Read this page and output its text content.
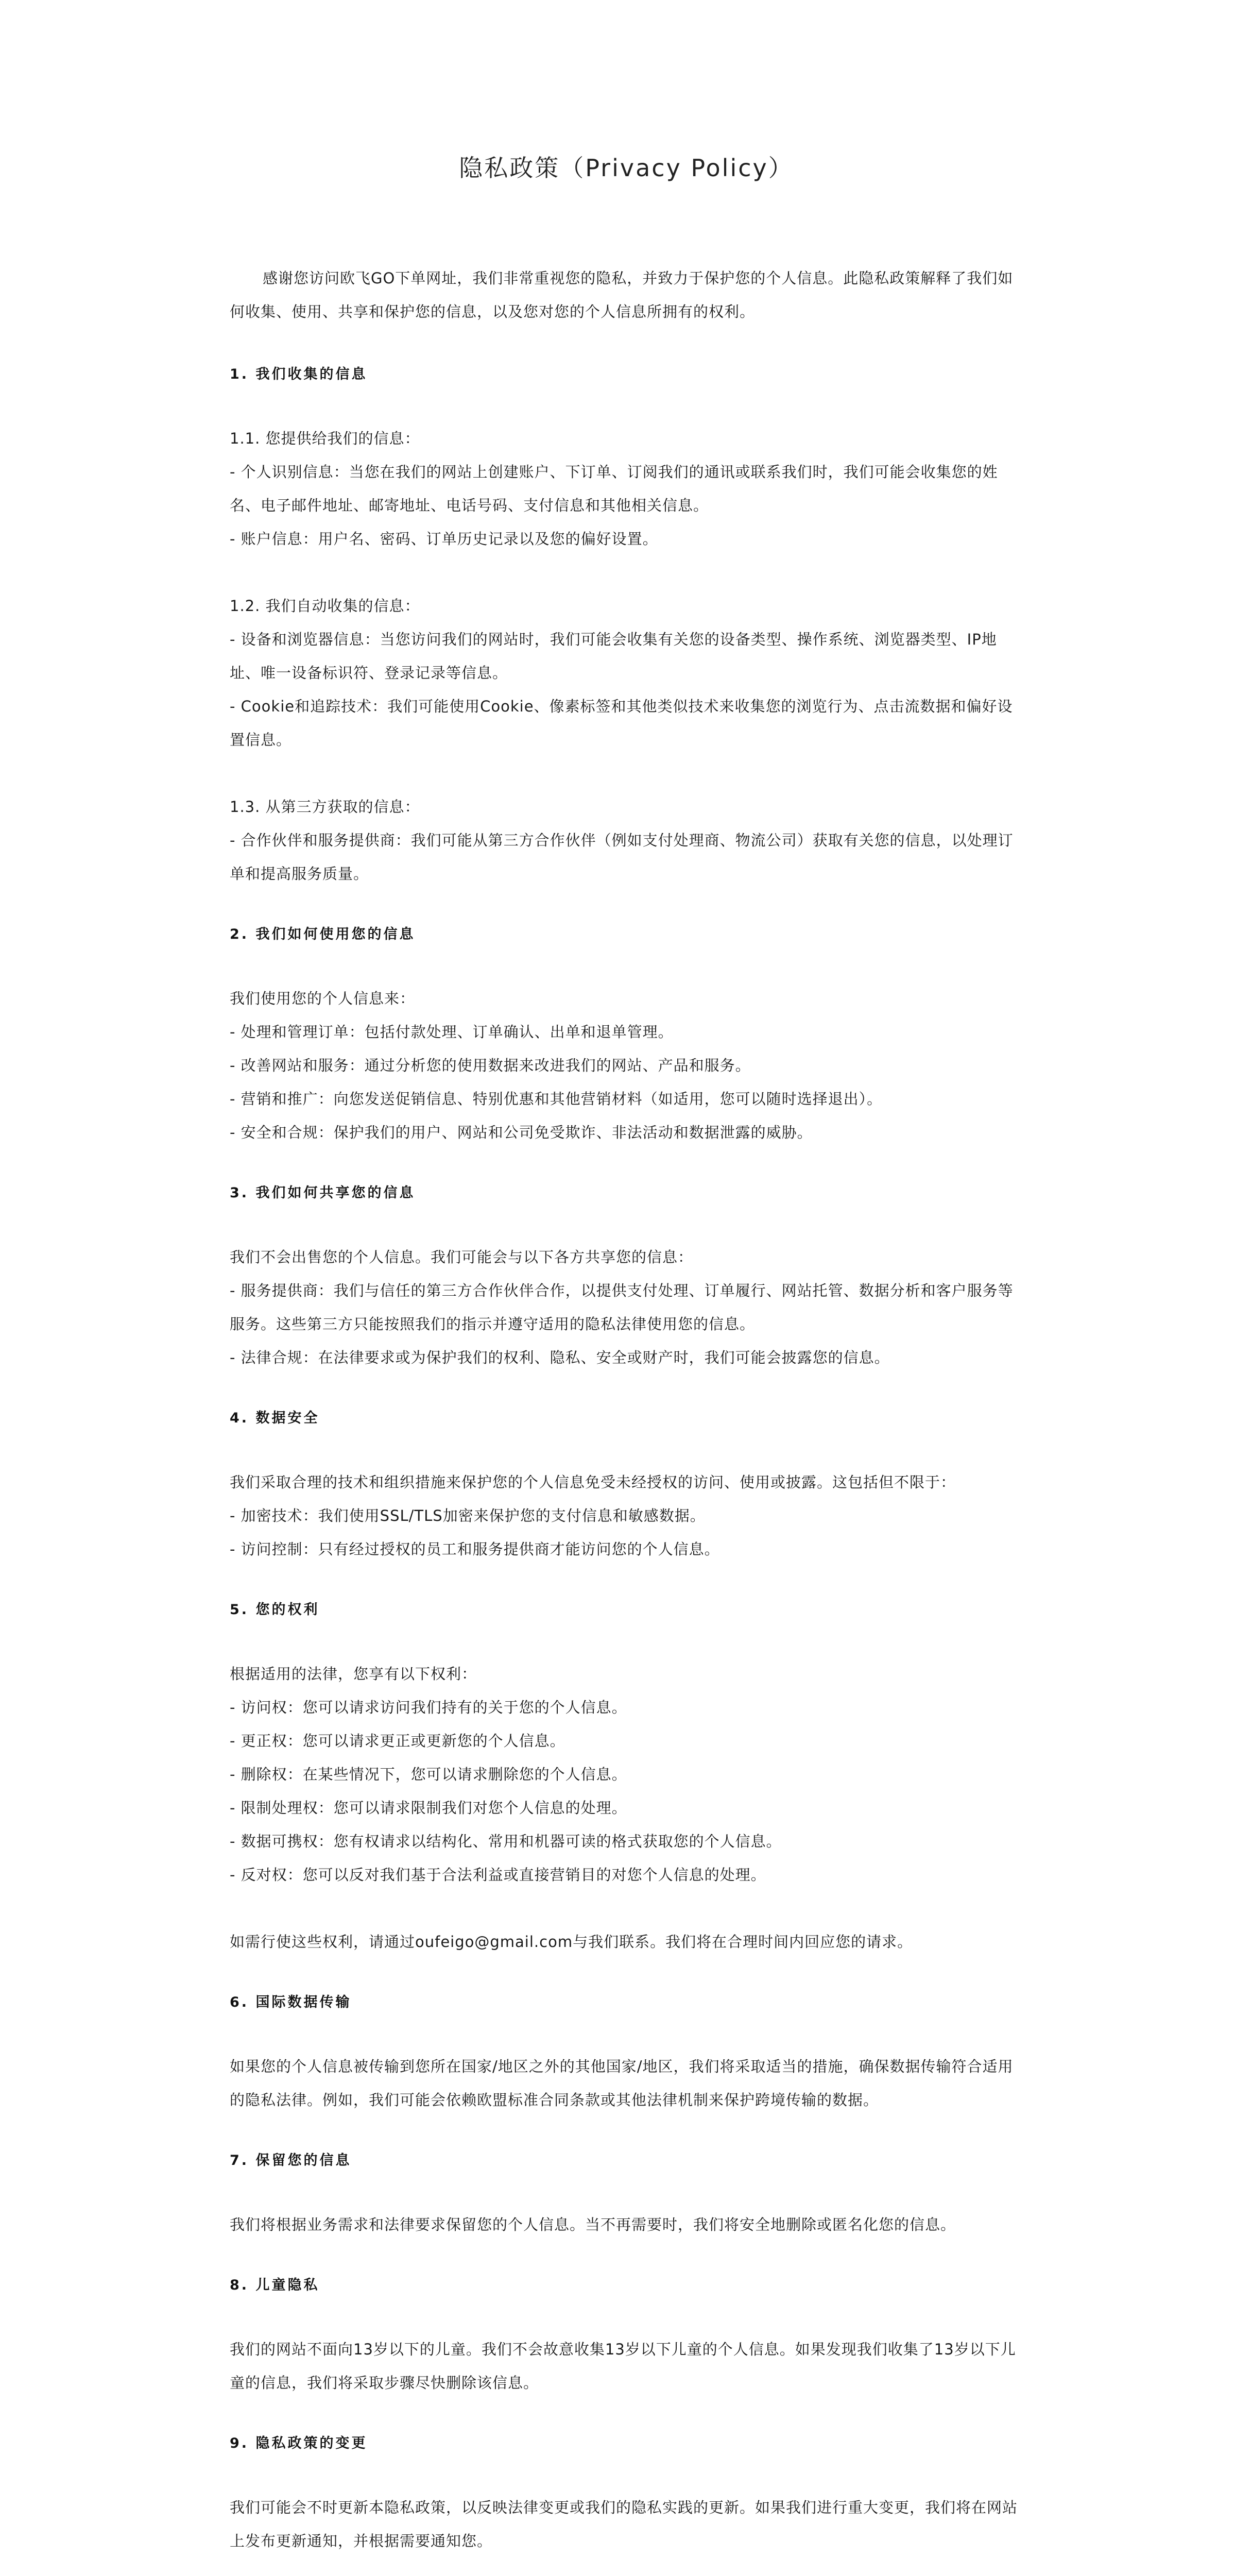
隐私政策（Privacy Policy）

感谢您访问欧飞GO下单网址，我们非常重视您的隐私，并致力于保护您的个人信息。此隐私政策解释了我们如何收集、使用、共享和保护您的信息，以及您对您的个人信息所拥有的权利。

1. 我们收集的信息

1.1. 您提供给我们的信息：

- 个人识别信息：当您在我们的网站上创建账户、下订单、订阅我们的通讯或联系我们时，我们可能会收集您的姓名、电子邮件地址、邮寄地址、电话号码、支付信息和其他相关信息。

- 账户信息：用户名、密码、订单历史记录以及您的偏好设置。

1.2. 我们自动收集的信息：

- 设备和浏览器信息：当您访问我们的网站时，我们可能会收集有关您的设备类型、操作系统、浏览器类型、IP地址、唯一设备标识符、登录记录等信息。

- Cookie和追踪技术：我们可能使用Cookie、像素标签和其他类似技术来收集您的浏览行为、点击流数据和偏好设置信息。

1.3. 从第三方获取的信息：

- 合作伙伴和服务提供商：我们可能从第三方合作伙伴（例如支付处理商、物流公司）获取有关您的信息，以处理订单和提高服务质量。

2. 我们如何使用您的信息

我们使用您的个人信息来：

- 处理和管理订单：包括付款处理、订单确认、出单和退单管理。

- 改善网站和服务：通过分析您的使用数据来改进我们的网站、产品和服务。

- 营销和推广：向您发送促销信息、特别优惠和其他营销材料（如适用，您可以随时选择退出）。

- 安全和合规：保护我们的用户、网站和公司免受欺诈、非法活动和数据泄露的威胁。

3. 我们如何共享您的信息

我们不会出售您的个人信息。我们可能会与以下各方共享您的信息：

- 服务提供商：我们与信任的第三方合作伙伴合作，以提供支付处理、订单履行、网站托管、数据分析和客户服务等服务。这些第三方只能按照我们的指示并遵守适用的隐私法律使用您的信息。

- 法律合规：在法律要求或为保护我们的权利、隐私、安全或财产时，我们可能会披露您的信息。

4. 数据安全

我们采取合理的技术和组织措施来保护您的个人信息免受未经授权的访问、使用或披露。这包括但不限于：

- 加密技术：我们使用SSL/TLS加密来保护您的支付信息和敏感数据。

- 访问控制：只有经过授权的员工和服务提供商才能访问您的个人信息。

5. 您的权利

根据适用的法律，您享有以下权利：

- 访问权：您可以请求访问我们持有的关于您的个人信息。

- 更正权：您可以请求更正或更新您的个人信息。

- 删除权：在某些情况下，您可以请求删除您的个人信息。

- 限制处理权：您可以请求限制我们对您个人信息的处理。

- 数据可携权：您有权请求以结构化、常用和机器可读的格式获取您的个人信息。

- 反对权：您可以反对我们基于合法利益或直接营销目的对您个人信息的处理。

如需行使这些权利，请通过oufeigo@gmail.com与我们联系。我们将在合理时间内回应您的请求。

6. 国际数据传输

如果您的个人信息被传输到您所在国家/地区之外的其他国家/地区，我们将采取适当的措施，确保数据传输符合适用的隐私法律。例如，我们可能会依赖欧盟标准合同条款或其他法律机制来保护跨境传输的数据。

7. 保留您的信息

我们将根据业务需求和法律要求保留您的个人信息。当不再需要时，我们将安全地删除或匿名化您的信息。

8. 儿童隐私

我们的网站不面向13岁以下的儿童。我们不会故意收集13岁以下儿童的个人信息。如果发现我们收集了13岁以下儿童的信息，我们将采取步骤尽快删除该信息。

9. 隐私政策的变更

我们可能会不时更新本隐私政策，以反映法律变更或我们的隐私实践的更新。如果我们进行重大变更，我们将在网站上发布更新通知，并根据需要通知您。
